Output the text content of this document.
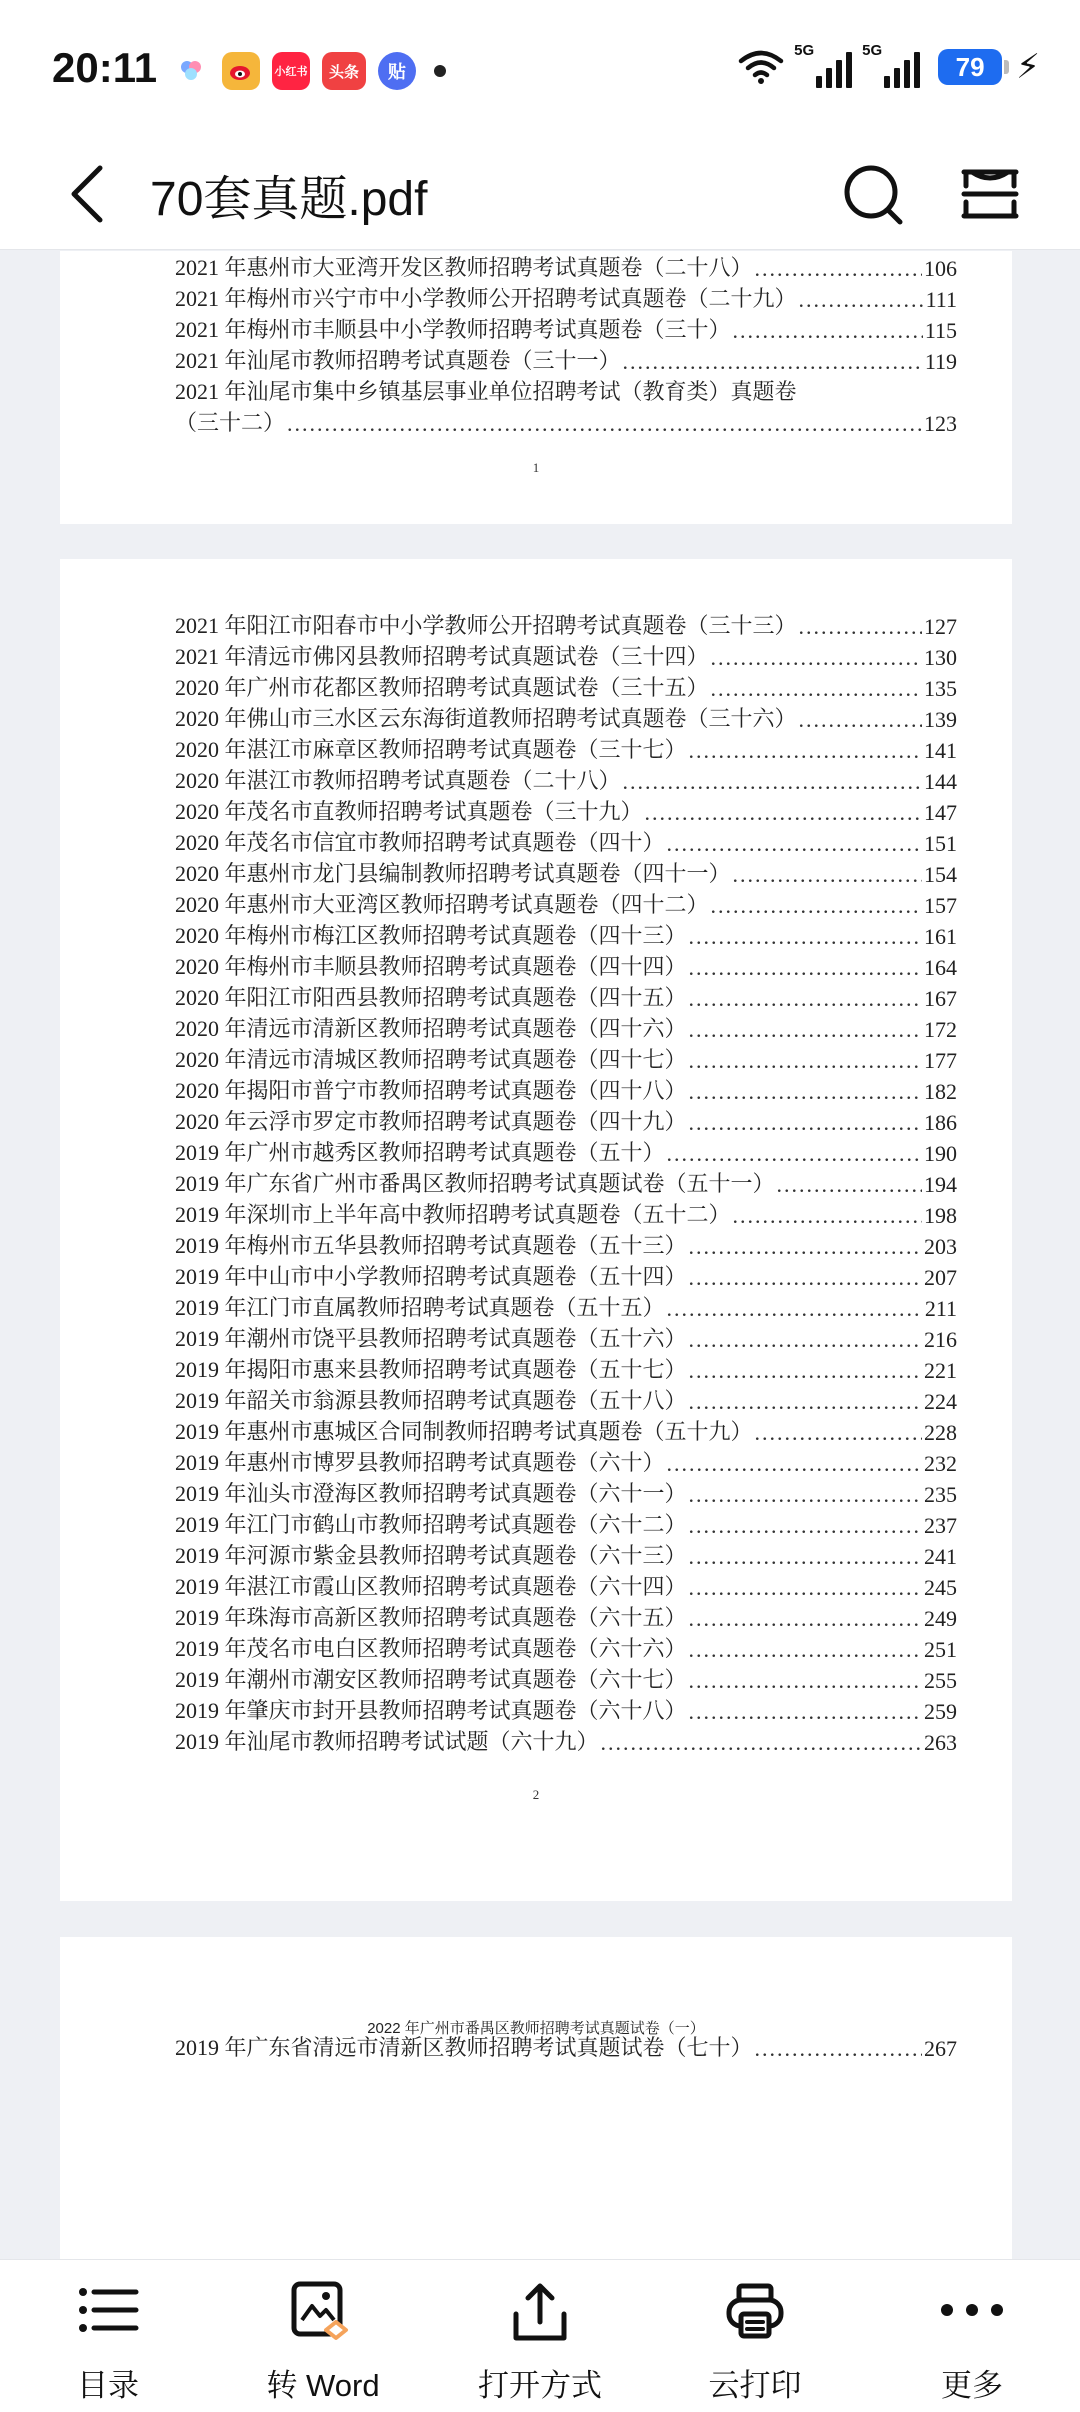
20:11	小红书	头条	贴
5G	5G
79 ⚡
70套真题.pdf
2021 年惠州市大亚湾开发区教师招聘考试真题卷（二十八） .....	106
2021 年梅州市兴宁市中小学教师公开招聘考试真题卷（二十九） .....	111
2021 年梅州市丰顺县中小学教师招聘考试真题卷（三十） .....	115
2021 年汕尾市教师招聘考试真题卷（三十一） .....	119
2021 年汕尾市集中乡镇基层事业单位招聘考试（教育类）真题卷
（三十二） .....	123
1
2021 年阳江市阳春市中小学教师公开招聘考试真题卷（三十三） .....	127
2021 年清远市佛冈县教师招聘考试真题试卷（三十四） .....	130
2020 年广州市花都区教师招聘考试真题试卷（三十五） .....	135
2020 年佛山市三水区云东海街道教师招聘考试真题卷（三十六） .....	139
2020 年湛江市麻章区教师招聘考试真题卷（三十七） .....	141
2020 年湛江市教师招聘考试真题卷（二十八） .....	144
2020 年茂名市直教师招聘考试真题卷（三十九） .....	147
2020 年茂名市信宜市教师招聘考试真题卷（四十） .....	151
2020 年惠州市龙门县编制教师招聘考试真题卷（四十一） .....	154
2020 年惠州市大亚湾区教师招聘考试真题卷（四十二） .....	157
2020 年梅州市梅江区教师招聘考试真题卷（四十三） .....	161
2020 年梅州市丰顺县教师招聘考试真题卷（四十四） .....	164
2020 年阳江市阳西县教师招聘考试真题卷（四十五） .....	167
2020 年清远市清新区教师招聘考试真题卷（四十六） .....	172
2020 年清远市清城区教师招聘考试真题卷（四十七） .....	177
2020 年揭阳市普宁市教师招聘考试真题卷（四十八） .....	182
2020 年云浮市罗定市教师招聘考试真题卷（四十九） .....	186
2019 年广州市越秀区教师招聘考试真题卷（五十） .....	190
2019 年广东省广州市番禺区教师招聘考试真题试卷（五十一） .....	194
2019 年深圳市上半年高中教师招聘考试真题卷（五十二） .....	198
2019 年梅州市五华县教师招聘考试真题卷（五十三） .....	203
2019 年中山市中小学教师招聘考试真题卷（五十四） .....	207
2019 年江门市直属教师招聘考试真题卷（五十五） .....	211
2019 年潮州市饶平县教师招聘考试真题卷（五十六） .....	216
2019 年揭阳市惠来县教师招聘考试真题卷（五十七） .....	221
2019 年韶关市翁源县教师招聘考试真题卷（五十八） .....	224
2019 年惠州市惠城区合同制教师招聘考试真题卷（五十九） .....	228
2019 年惠州市博罗县教师招聘考试真题卷（六十） .....	232
2019 年汕头市澄海区教师招聘考试真题卷（六十一） .....	235
2019 年江门市鹤山市教师招聘考试真题卷（六十二） .....	237
2019 年河源市紫金县教师招聘考试真题卷（六十三） .....	241
2019 年湛江市霞山区教师招聘考试真题卷（六十四） .....	245
2019 年珠海市高新区教师招聘考试真题卷（六十五） .....	249
2019 年茂名市电白区教师招聘考试真题卷（六十六） .....	251
2019 年潮州市潮安区教师招聘考试真题卷（六十七） .....	255
2019 年肇庆市封开县教师招聘考试真题卷（六十八） .....	259
2019 年汕尾市教师招聘考试试题（六十九） .....	263
2
2022 年广州市番禺区教师招聘考试真题试卷（一）
2019 年广东省清远市清新区教师招聘考试真题试卷（七十） .....	267
目录	转 Word	打开方式	云打印	更多
